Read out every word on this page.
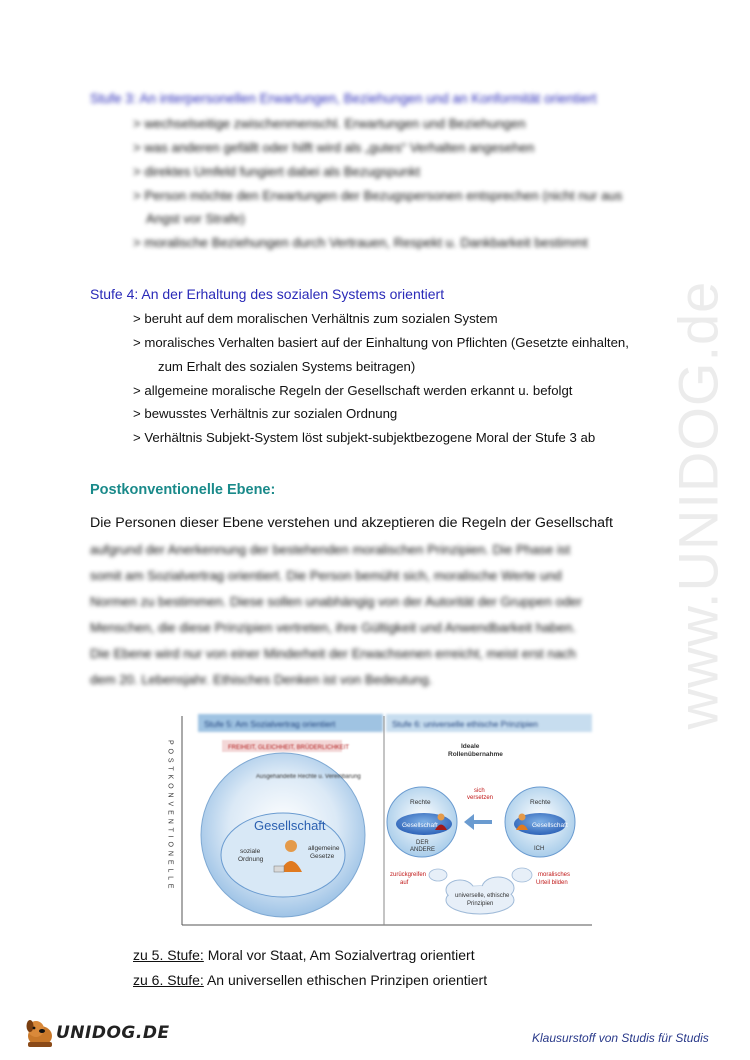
www.UNIDOG.de
Stufe 3: An interpersonellen Erwartungen, Beziehungen und an Konformität orientiert
> wechselseitige zwischenmenschl. Erwartungen und Beziehungen
> was anderen gefällt oder hilft wird als „gutes“ Verhalten angesehen
> direktes Umfeld fungiert dabei als Bezugspunkt
> Person möchte den Erwartungen der Bezugspersonen entsprechen (nicht nur aus
Angst vor Strafe)
> moralische Beziehungen durch Vertrauen, Respekt u. Dankbarkeit bestimmt
Stufe 4: An der Erhaltung des sozialen Systems orientiert
> beruht auf dem moralischen Verhältnis zum sozialen System
> moralisches Verhalten basiert auf der Einhaltung von Pflichten (Gesetzte einhalten,
zum Erhalt des sozialen Systems beitragen)
> allgemeine moralische Regeln der Gesellschaft werden erkannt u. befolgt
> bewusstes Verhältnis zur sozialen Ordnung
> Verhältnis Subjekt-System löst subjekt-subjektbezogene Moral der Stufe 3 ab
Postkonventionelle Ebene:
Die Personen dieser Ebene verstehen und akzeptieren die Regeln der Gesellschaft
aufgrund der Anerkennung der bestehenden moralischen Prinzipien. Die Phase ist
somit am Sozialvertrag orientiert. Die Person bemüht sich, moralische Werte und
Normen zu bestimmen. Diese sollen unabhängig von der Autorität der Gruppen oder
Menschen, die diese Prinzipien vertreten, ihre Gültigkeit und Anwendbarkeit haben.
Die Ebene wird nur von einer Minderheit der Erwachsenen erreicht, meist erst nach
dem 20. Lebensjahr. Ethisches Denken ist von Bedeutung.
Stufe 5: Am Sozialvertrag orientiert	Stufe 6: universelle ethische Prinzipien
P O S T K O N V E N T I O N E L L E	FREIHEIT, GLEICHHEIT, BRÜDERLICHKEIT
Ausgehandelte Rechte u. Vereinbarung
Gesellschaft
soziale
Ordnung
allgemeine
Gesetze
Ideale
Rollenübernahme
Rechte
Gesellschaft
DER
ANDERE
Rechte
Gesellschaft
ICH
sich
versetzen
universelle, ethische
Prinzipien
zurückgreifen
auf
moralisches
Urteil bilden
zu 5. Stufe: Moral vor Staat, Am Sozialvertrag orientiert
zu 6. Stufe: An universellen ethischen Prinzipen orientiert
UNIDOG.DE	Klausurstoff von Studis für Studis
